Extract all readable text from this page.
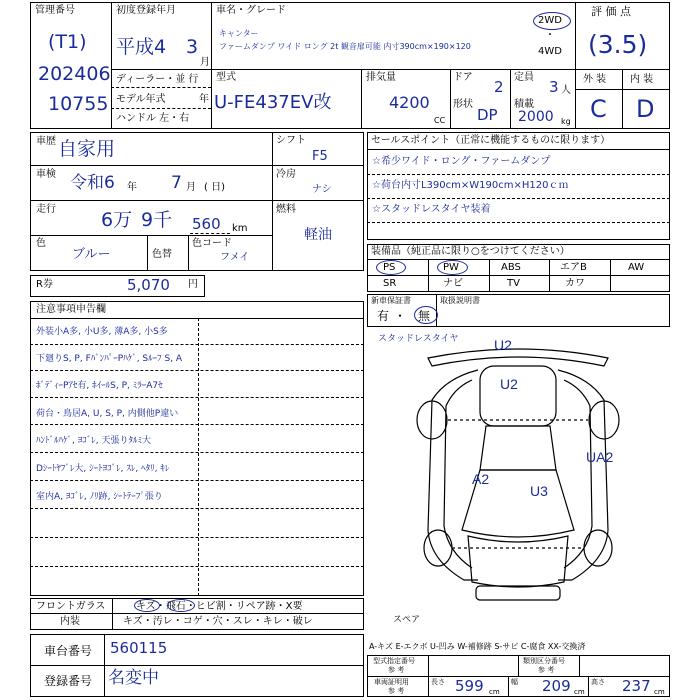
管理番号
(T1)
202406
10755
初度登録年月
平成4 3
月
ディーラー・並 行
モデル年式	年
ハンドル 左・右
車名・グレード
キャンター
ファームダンプ ワイド ロング 2t 観音扉可能 内寸390cm×190×120
2WD
・
4WD
型式
U-FE437EV改
排気量
4200
CC
ドア
2
形状
DP
定員
3 人
積載
2000 kg
評 価 点
(3.5)
外 装 内 装
C D
車歴 自家用
車検 令和6 年 7 月 ( 日)
走行 6万 9千 560 km
シフト
F5
冷房
ナシ
燃料
軽油
色
ブルー	色替
色コード
フメイ
R券	5,070 円
セールスポイント（正常に機能するものに限ります）
☆希少ワイド・ロング・ファームダンプ
☆荷台内寸L390cm×W190cm×H120ｃｍ
☆スタッドレスタイヤ装着
装備品（純正品に限り○をつけてください）
PS	PW	ABS	エアB	AW
SR	ナビ	TV	カワ
新車保証書
有 ・ 無
取扱説明書
注意事項申告欄
外装小A多, 小U多, 薄A多, 小S多
下廻りS, P, FﾊﾞﾝﾊﾟｰPﾊｹﾞ, Sﾙｰﾌ S, A
ﾎﾞﾃﾞｨｰPｱｾ有, ﾎｲｰﾙS, P, ﾐﾗｰA7ｾ
荷台・鳥居A, U, S, P, 内側他P違い
ﾊﾝﾄﾞﾙﾊｹﾞ, ﾖｺﾞﾚ, 天張りﾀﾙﾐ大
Dｼｰﾄﾔﾌﾞﾚ大, ｼｰﾄﾖｺﾞﾚ, ｽﾚ, ﾍﾀﾘ, ｷﾚ
室内A, ﾖｺﾞﾚ, ﾉﾘ跡, ｼｰﾄﾃｰﾌﾟ張り
スタッドレスタイヤ	U2
U2
UA2
A2
U3
スペア
フロントガラス	キズ・飛石・ヒビ割・リペア跡・X要
内装	キズ・汚レ・コゲ・穴・スレ・キレ・破レ
車台番号 560115
登録番号 名変中
A-キズ E-エクボ U-凹み W-補修跡 S-サビ C-腐食 XX-交換済
型式指定番号
参 考
類別区分番号
参 考
車両証明用
参 考
長さ 599 cm
幅 209 cm
高さ 237 cm
